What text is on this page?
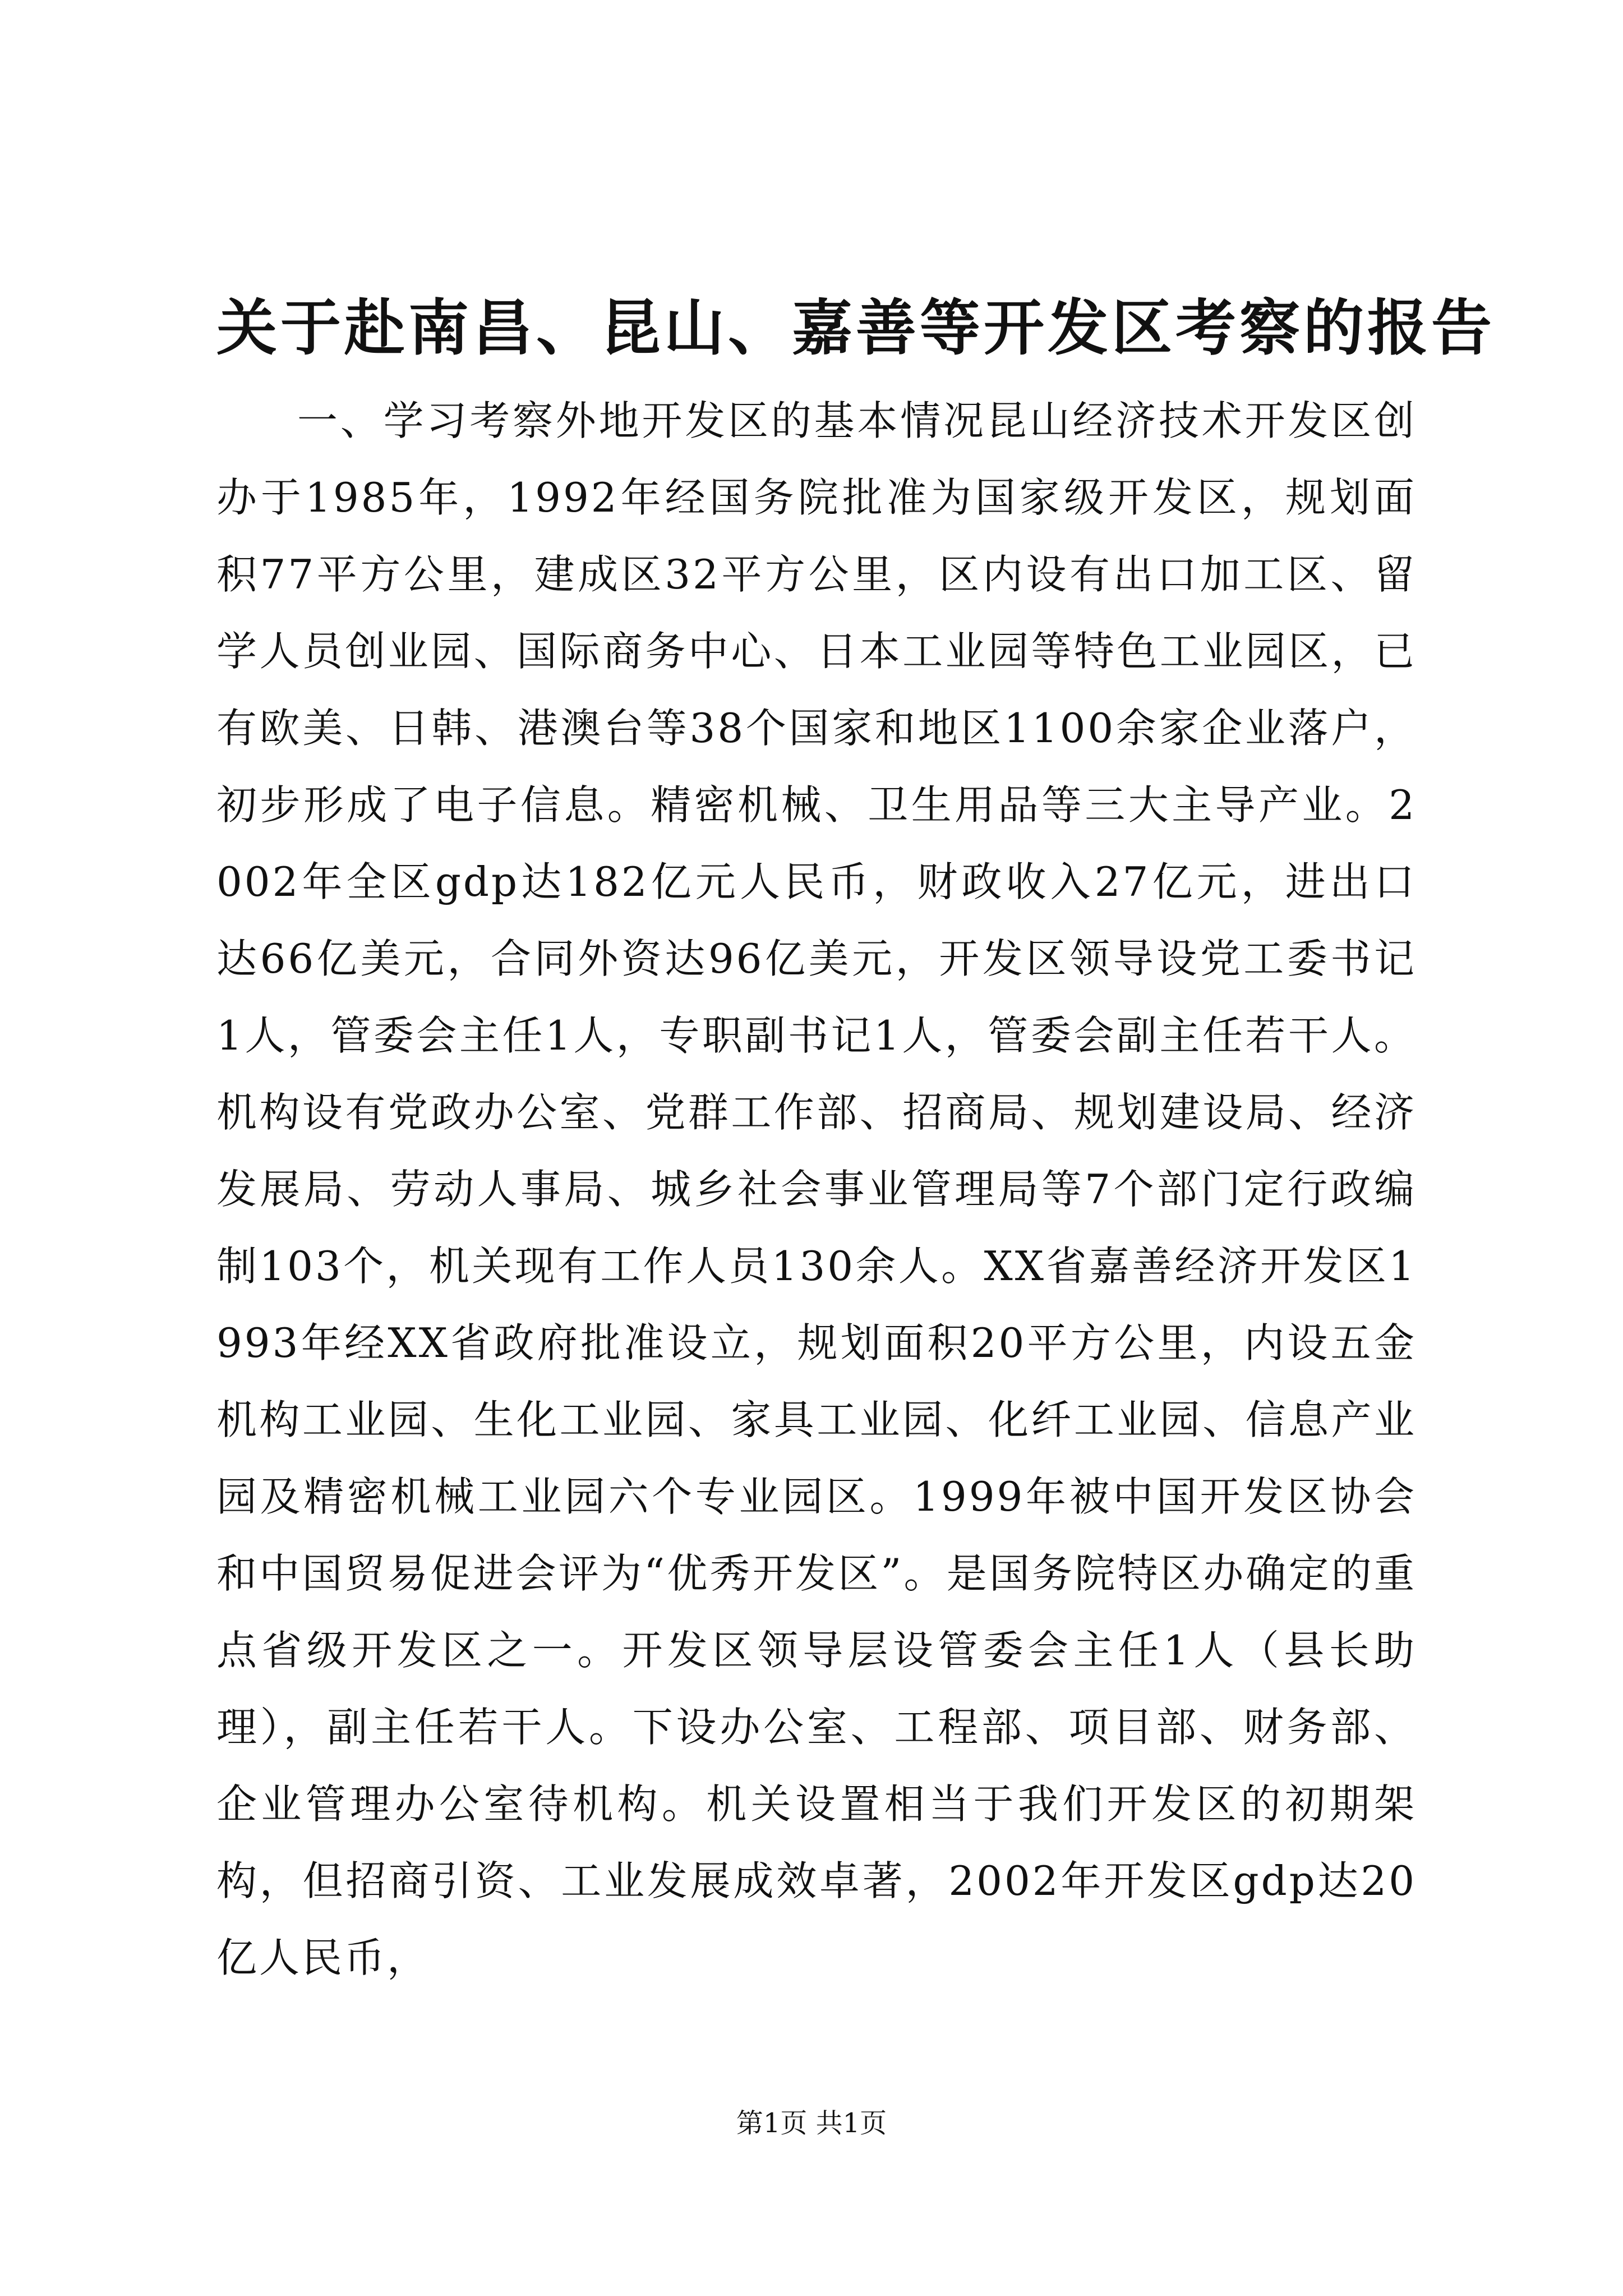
关于赴南昌、昆山、嘉善等开发区考察的报告

一、学习考察外地开发区的基本情况昆山经济技术开发区创办于1985年，1992年经国务院批准为国家级开发区，规划面积77平方公里，建成区32平方公里，区内设有出口加工区、留学人员创业园、国际商务中心、日本工业园等特色工业园区，已有欧美、日韩、港澳台等38个国家和地区1100余家企业落户，初步形成了电子信息。精密机械、卫生用品等三大主导产业。2002年全区gdp达182亿元人民币，财政收入27亿元，进出口达66亿美元，合同外资达96亿美元，开发区领导设党工委书记1人，管委会主任1人，专职副书记1人，管委会副主任若干人。机构设有党政办公室、党群工作部、招商局、规划建设局、经济发展局、劳动人事局、城乡社会事业管理局等7个部门定行政编制103个，机关现有工作人员130余人。XX省嘉善经济开发区1993年经XX省政府批准设立，规划面积20平方公里，内设五金机构工业园、生化工业园、家具工业园、化纤工业园、信息产业园及精密机械工业园六个专业园区。1999年被中国开发区协会和中国贸易促进会评为“优秀开发区”。是国务院特区办确定的重点省级开发区之一。开发区领导层设管委会主任1人（县长助理），副主任若干人。下设办公室、工程部、项目部、财务部、企业管理办公室待机构。机关设置相当于我们开发区的初期架构，但招商引资、工业发展成效卓著，2002年开发区gdp达20亿人民币，

第1页 共1页
